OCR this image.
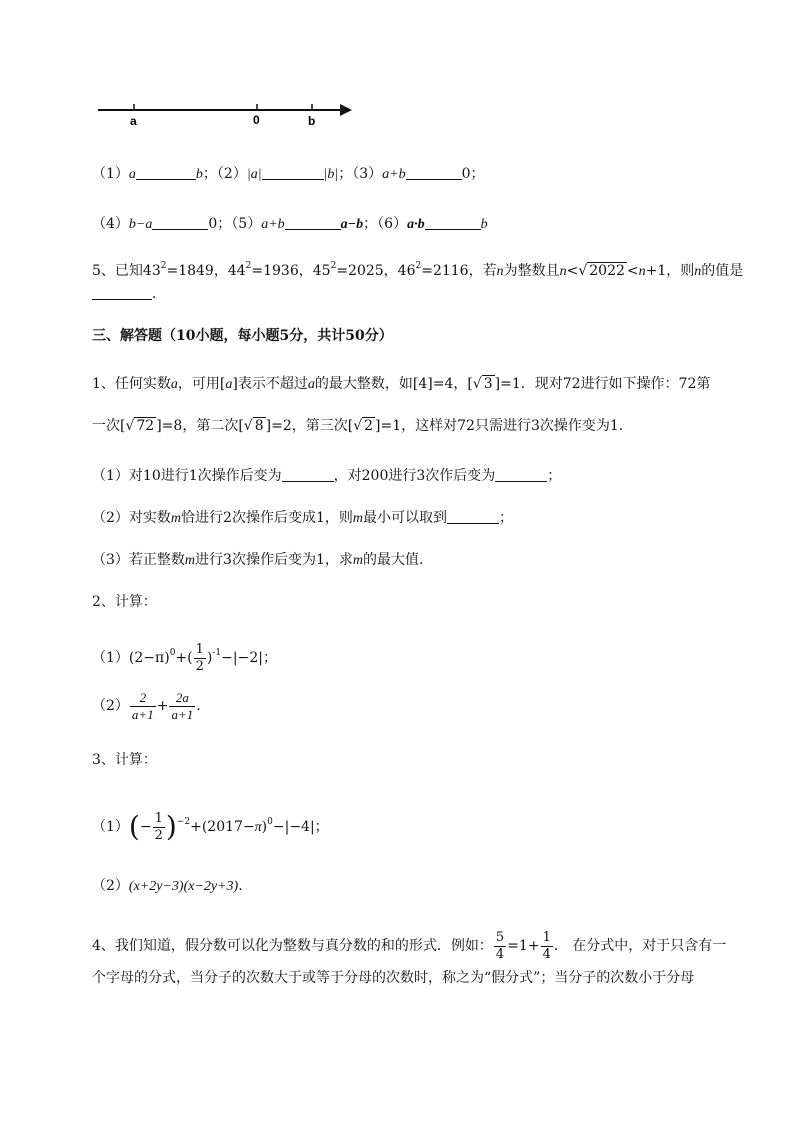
a	0	b
（1）a	b；（2）|a|	|b|；（3）a+b	0；
（4）b−a	0；（5）a+b	a−b；（6）a·b	b
5、已知$43^2=1849$，$44^2=1936$，$45^2=2025$，$46^2=2116$，若n为整数且n<√ 2022 <n+1，则n的值是
．
三、解答题（10小题，每小题5分，共计50分）
1、任何实数a，可用[a]表示不超过a的最大整数，如[4]=4，[√ 3 ]=1．现对72进行如下操作：72第
一次[√ 72 ]=8，第二次[√ 8 ]=2，第三次[√ 2 ]=1，这样对72只需进行3次操作变为1．
（1）对10进行1次操作后变为	，对200进行3次作后变为	；
（2）对实数m恰进行2次操作后变成1，则m最小可以取到	；
（3）若正整数m进行3次操作后变为1，求m的最大值．
2、计算：
$(1)(2-\pi)^0+( \frac{1}{2} )^{-1}-|-2|$；
$(2) \frac{2}{a+1} + \frac{2a}{a+1}$ ．
3、计算：
$(1)(- \frac{1}{2} )^{-2}+(2017-\pi)^0-|-4|$；
（2）(x+2y−3)(x−2y+3)．
4、我们知道，假分数可以化为整数与真分数的和的形式．例如： $\frac{5}{4} =1+ \frac{1}{4}$ ． 在分式中，对于只含有一
个字母的分式，当分子的次数大于或等于分母的次数时，称之为“假分式”；当分子的次数小于分母
